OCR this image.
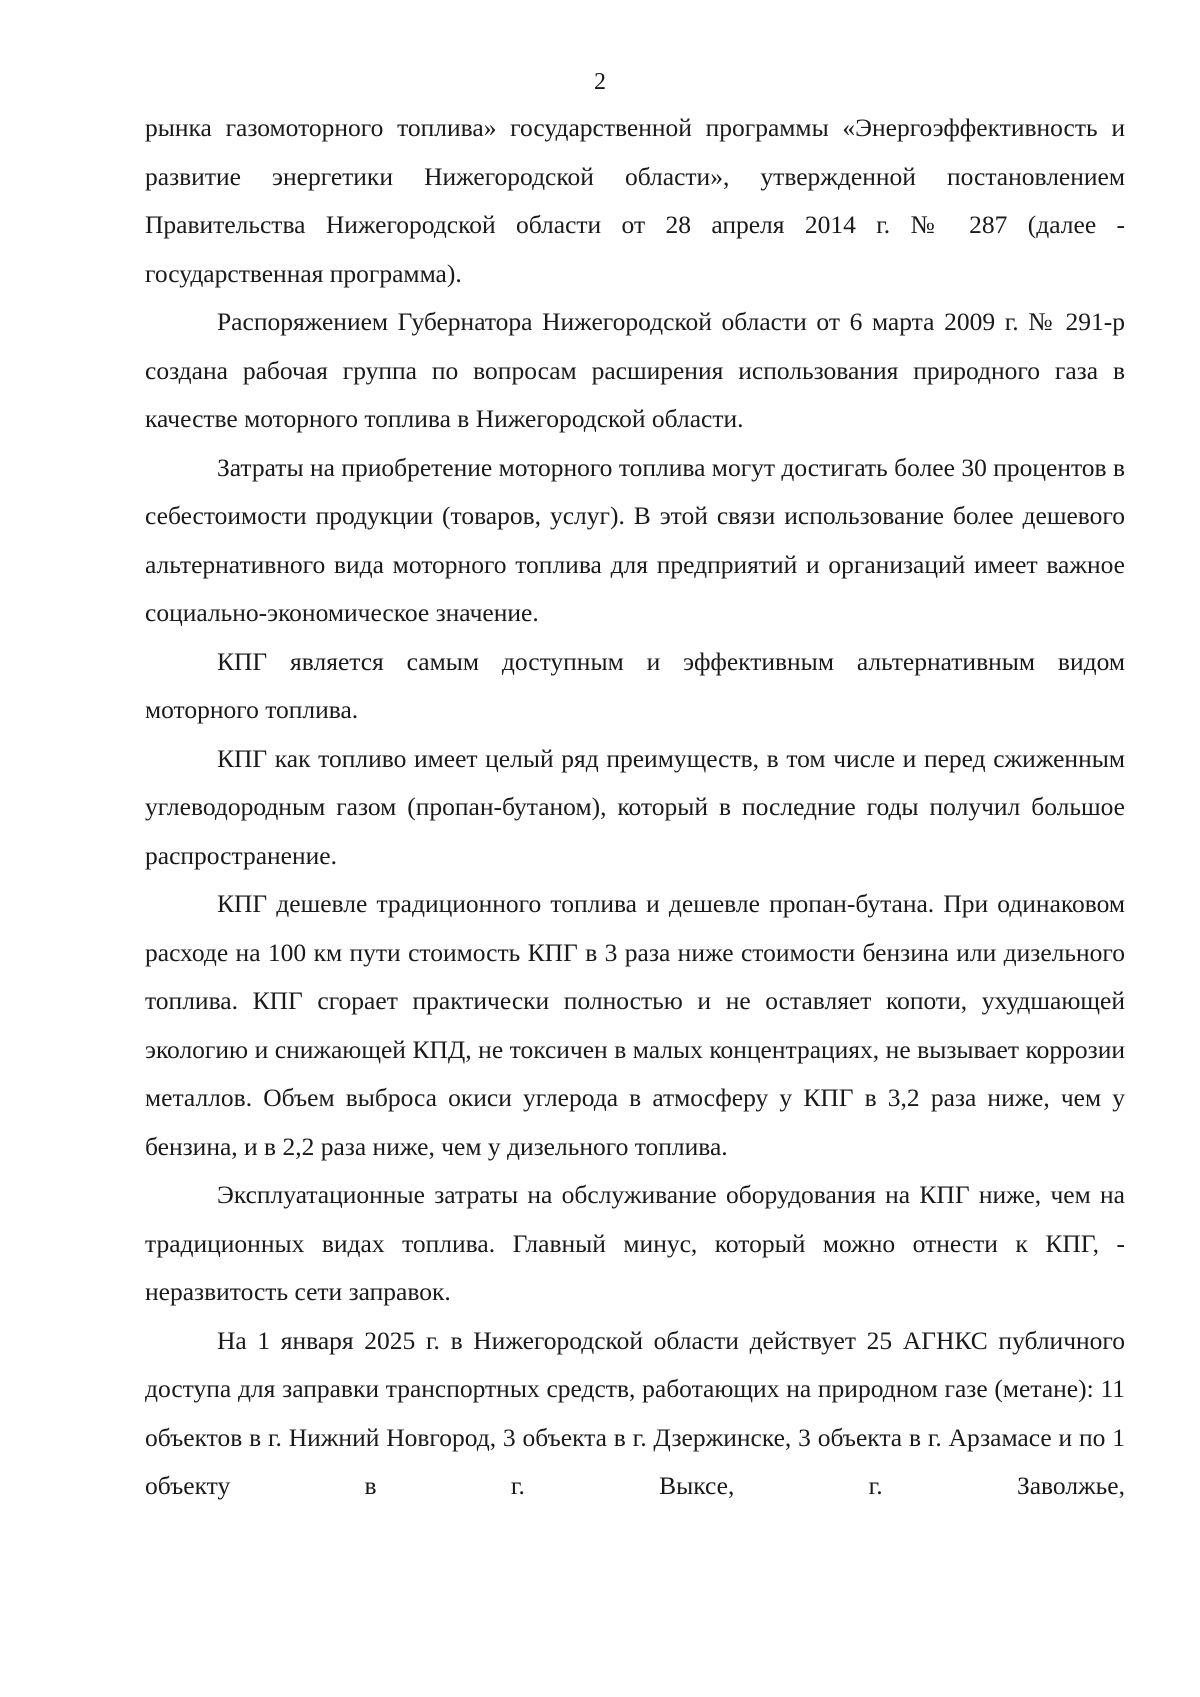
2

рынка газомоторного топлива» государственной программы «Энергоэффективность и развитие энергетики Нижегородской области», утвержденной постановлением Правительства Нижегородской области от 28 апреля 2014 г. № 287 (далее - государственная программа).

Распоряжением Губернатора Нижегородской области от 6 марта 2009 г. № 291-р создана рабочая группа по вопросам расширения использования природного газа в качестве моторного топлива в Нижегородской области.

Затраты на приобретение моторного топлива могут достигать более 30 процентов в себестоимости продукции (товаров, услуг). В этой связи использование более дешевого альтернативного вида моторного топлива для предприятий и организаций имеет важное социально-экономическое значение.

КПГ является самым доступным и эффективным альтернативным видом моторного топлива.

КПГ как топливо имеет целый ряд преимуществ, в том числе и перед сжиженным углеводородным газом (пропан-бутаном), который в последние годы получил большое распространение.

КПГ дешевле традиционного топлива и дешевле пропан-бутана. При одинаковом расходе на 100 км пути стоимость КПГ в 3 раза ниже стоимости бензина или дизельного топлива. КПГ сгорает практически полностью и не оставляет копоти, ухудшающей экологию и снижающей КПД, не токсичен в малых концентрациях, не вызывает коррозии металлов. Объем выброса окиси углерода в атмосферу у КПГ в 3,2 раза ниже, чем у бензина, и в 2,2 раза ниже, чем у дизельного топлива.

Эксплуатационные затраты на обслуживание оборудования на КПГ ниже, чем на традиционных видах топлива. Главный минус, который можно отнести к КПГ, - неразвитость сети заправок.

На 1 января 2025 г. в Нижегородской области действует 25 АГНКС публичного доступа для заправки транспортных средств, работающих на природном газе (метане): 11 объектов в г. Нижний Новгород, 3 объекта в г. Дзержинске, 3 объекта в г. Арзамасе и по 1 объекту в г. Выксе, г. Заволжье,
